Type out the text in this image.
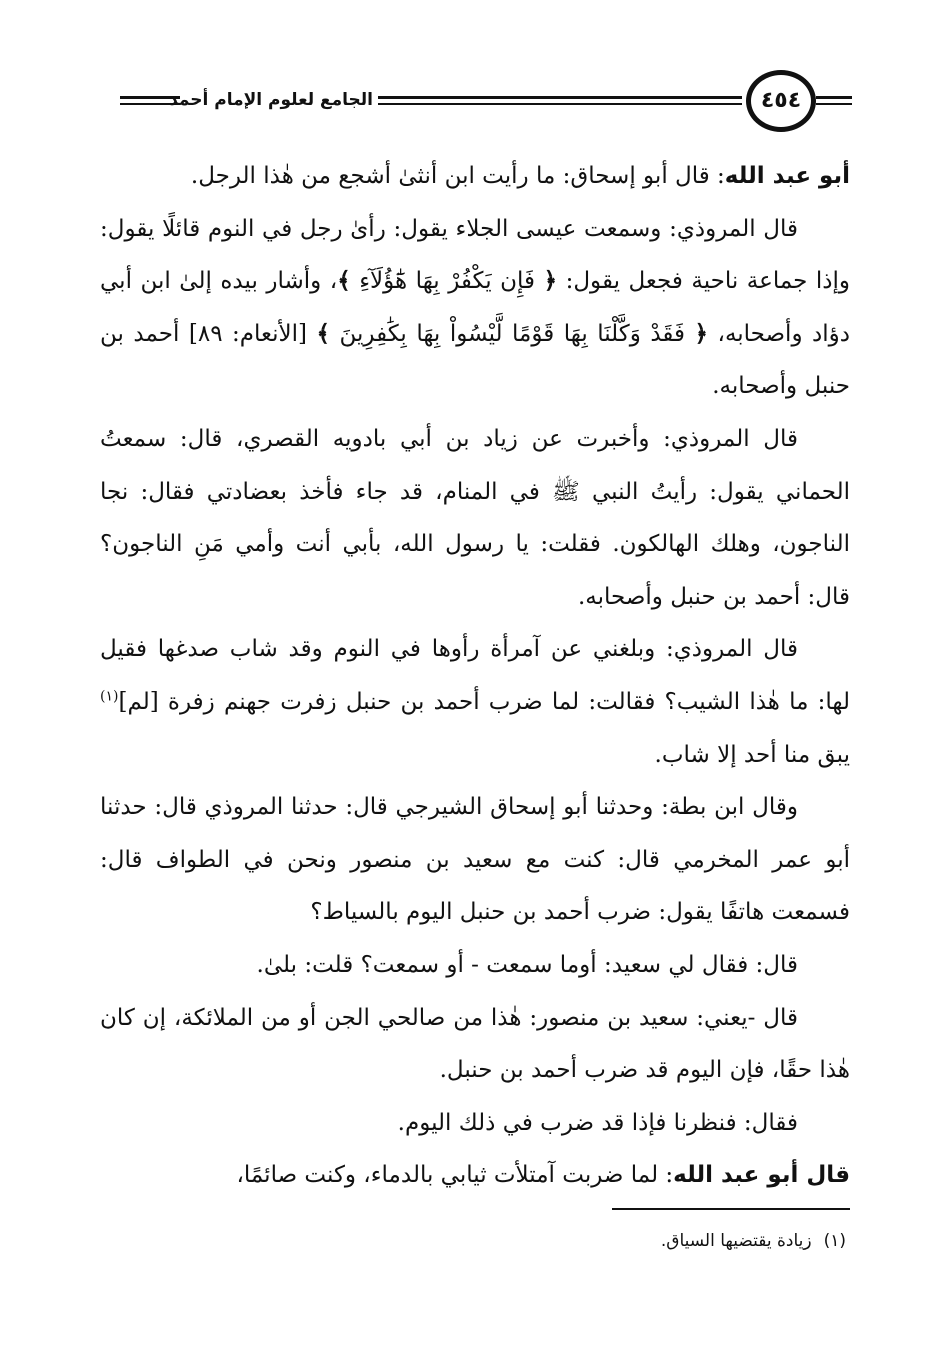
الجامع لعلوم الإمام أحمد	٤٥٤

أبو عبد الله: قال أبو إسحاق: ما رأيت ابن أنثىٰ أشجع من هٰذا الرجل.

قال المروذي: وسمعت عيسى الجلاء يقول: رأىٰ رجل في النوم قائلًا يقول: وإذا جماعة ناحية فجعل يقول: ﴿ فَإِن يَكْفُرْ بِهَا هَٰٓؤُلَآءِ ﴾، وأشار بيده إلىٰ ابن أبي دؤاد وأصحابه، ﴿ فَقَدْ وَكَّلْنَا بِهَا قَوْمًا لَّيْسُواْ بِهَا بِكَٰفِرِينَ ﴾ [الأنعام: ٨٩] أحمد بن حنبل وأصحابه.

قال المروذي: وأخبرت عن زياد بن أبي بادويه القصري، قال: سمعتُ الحماني يقول: رأيتُ النبي ﷺ في المنام، قد جاء فأخذ بعضادتي فقال: نجا الناجون، وهلك الهالكون. فقلت: يا رسول الله، بأبي أنت وأمي مَنِ الناجون؟ قال: أحمد بن حنبل وأصحابه.

قال المروذي: وبلغني عن آمرأة رأوها في النوم وقد شاب صدغها فقيل لها: ما هٰذا الشيب؟ فقالت: لما ضرب أحمد بن حنبل زفرت جهنم زفرة [لم]$^{(١)}$ يبق منا أحد إلا شاب.

وقال ابن بطة: وحدثنا أبو إسحاق الشيرجي قال: حدثنا المروذي قال: حدثنا أبو عمر المخرمي قال: كنت مع سعيد بن منصور ونحن في الطواف قال: فسمعت هاتفًا يقول: ضرب أحمد بن حنبل اليوم بالسياط؟

قال: فقال لي سعيد: أوما سمعت - أو سمعت؟ قلت: بلىٰ.

قال -يعني: سعيد بن منصور: هٰذا من صالحي الجن أو من الملائكة، إن كان هٰذا حقًا، فإن اليوم قد ضرب أحمد بن حنبل.

فقال: فنظرنا فإذا قد ضرب في ذلك اليوم.

قال أبو عبد الله: لما ضربت آمتلأت ثيابي بالدماء، وكنت صائمًا،

(١)زيادة يقتضيها السياق.
